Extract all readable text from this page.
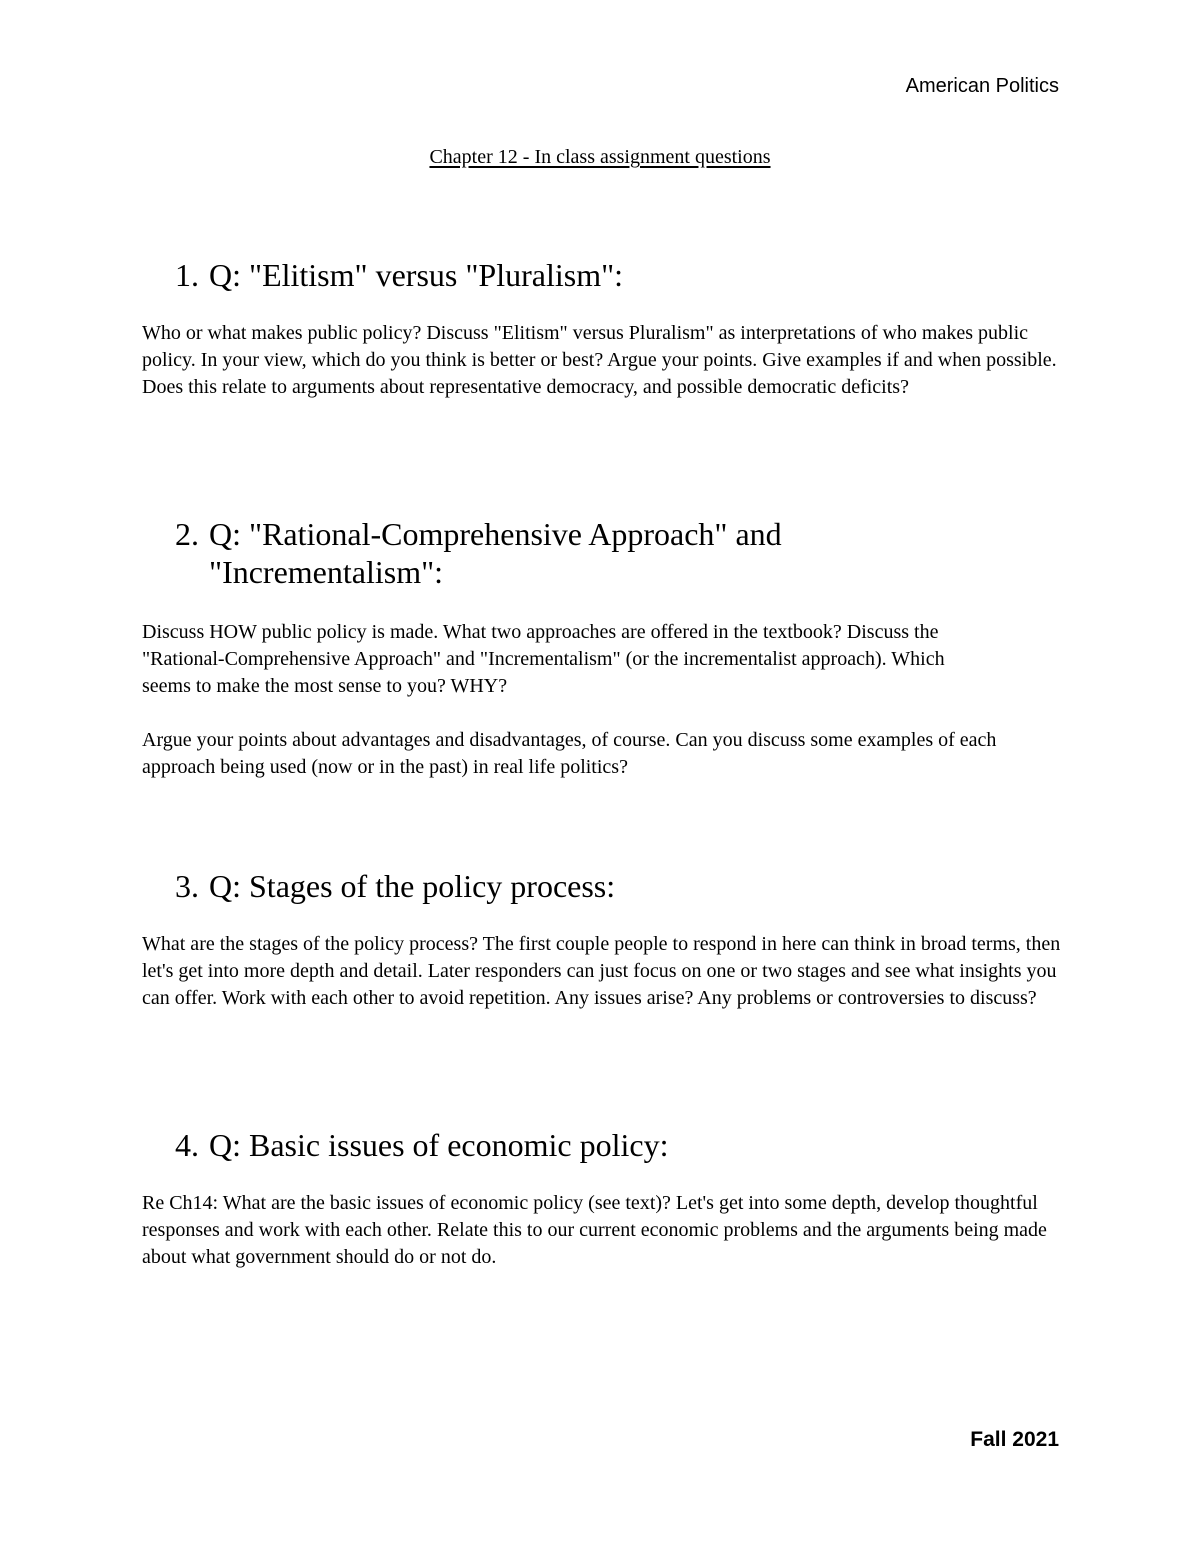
American Politics
Chapter 12 - In class assignment questions
1. Q: "Elitism" versus "Pluralism":

Who or what makes public policy? Discuss "Elitism" versus Pluralism" as interpretations of who makes public policy. In your view, which do you think is better or best? Argue your points. Give examples if and when possible. Does this relate to arguments about representative democracy, and possible democratic deficits?

2. Q: "Rational-Comprehensive Approach" and "Incrementalism":

Discuss HOW public policy is made. What two approaches are offered in the textbook? Discuss the "Rational-Comprehensive Approach" and "Incrementalism" (or the incrementalist approach). Which seems to make the most sense to you? WHY?

Argue your points about advantages and disadvantages, of course. Can you discuss some examples of each approach being used (now or in the past) in real life politics?

3. Q: Stages of the policy process:

What are the stages of the policy process? The first couple people to respond in here can think in broad terms, then let's get into more depth and detail. Later responders can just focus on one or two stages and see what insights you can offer. Work with each other to avoid repetition. Any issues arise? Any problems or controversies to discuss?

4. Q: Basic issues of economic policy:

Re Ch14: What are the basic issues of economic policy (see text)? Let's get into some depth, develop thoughtful responses and work with each other. Relate this to our current economic problems and the arguments being made about what government should do or not do.

Fall 2021
